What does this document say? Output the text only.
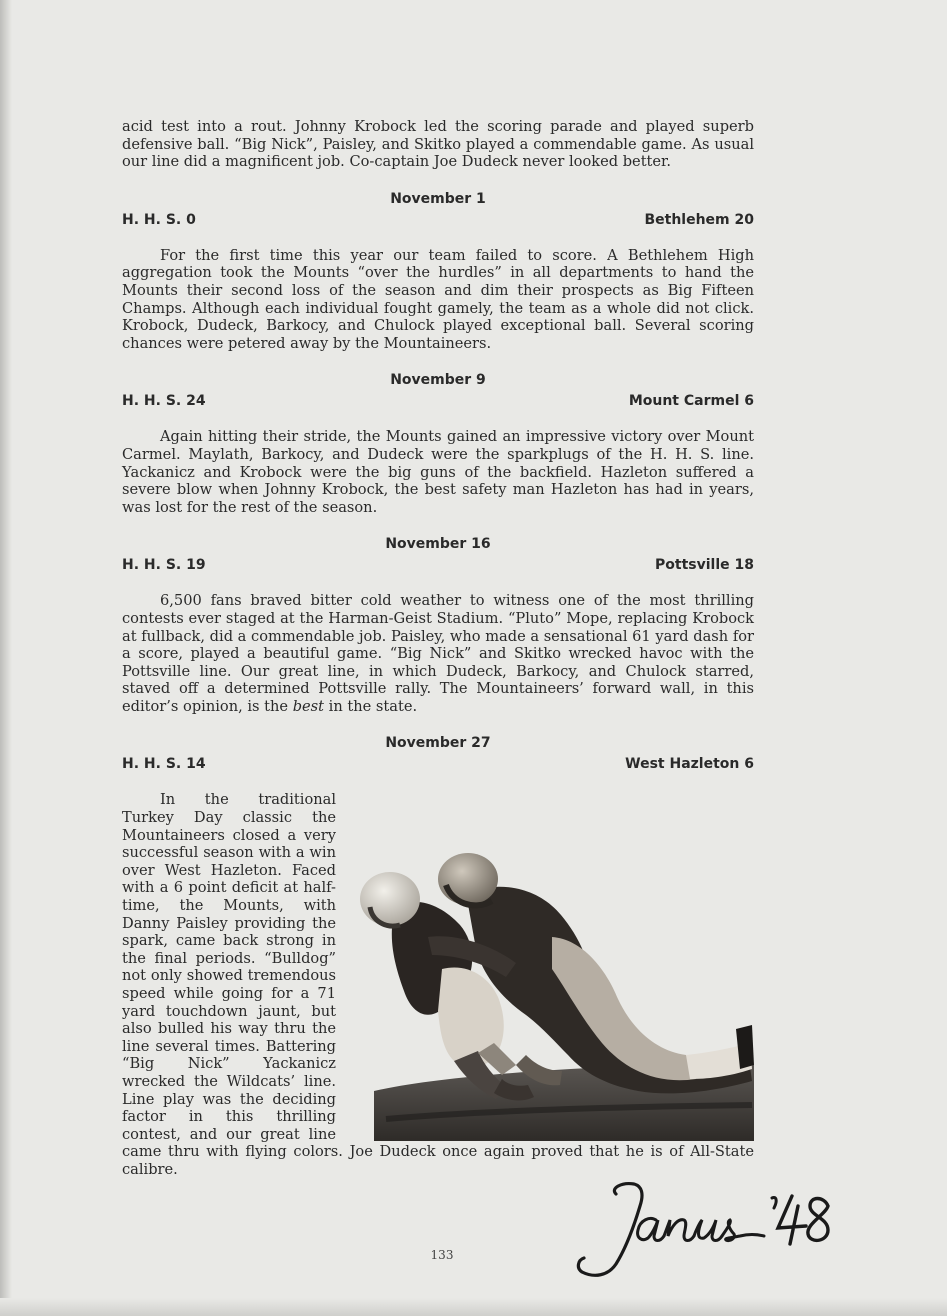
acid test into a rout. Johnny Krobock led the scoring parade and played superb defensive ball. “Big Nick”, Paisley, and Skitko played a commendable game. As usual our line did a magnificent job. Co-captain Joe Dudeck never looked better.

November 1
H. H. S. 0	Bethlehem 20

For the first time this year our team failed to score. A Bethlehem High aggregation took the Mounts “over the hurdles” in all departments to hand the Mounts their second loss of the season and dim their prospects as Big Fifteen Champs. Although each individual fought gamely, the team as a whole did not click. Krobock, Dudeck, Barkocy, and Chulock played exceptional ball. Several scoring chances were petered away by the Mountaineers.

November 9
H. H. S. 24	Mount Carmel 6

Again hitting their stride, the Mounts gained an impressive victory over Mount Carmel. Maylath, Barkocy, and Dudeck were the sparkplugs of the H. H. S. line. Yackanicz and Krobock were the big guns of the backfield. Hazleton suffered a severe blow when Johnny Krobock, the best safety man Hazleton has had in years, was lost for the rest of the season.

November 16
H. H. S. 19	Pottsville 18

6,500 fans braved bitter cold weather to witness one of the most thrilling contests ever staged at the Harman-Geist Stadium. “Pluto” Mope, replacing Krobock at fullback, did a commendable job. Paisley, who made a sensational 61 yard dash for a score, played a beautiful game. “Big Nick” and Skitko wrecked havoc with the Pottsville line. Our great line, in which Dudeck, Barkocy, and Chulock starred, staved off a determined Pottsville rally. The Mountaineers’ forward wall, in this editor’s opinion, is the best in the state.

November 27
H. H. S. 14	West Hazleton 6

In the traditional Turkey Day classic the Mountaineers closed a very successful season with a win over West Hazleton. Faced with a 6 point deficit at half-time, the Mounts, with Danny Paisley providing the spark, came back strong in the final periods. “Bulldog” not only showed tremendous speed while going for a 71 yard touchdown jaunt, but also bulled his way thru the line several times. Battering “Big Nick” Yackanicz wrecked the Wildcats’ line. Line play was the deciding factor in this thrilling contest, and our great line came thru with flying colors. Joe Dudeck once again proved that he is of All-State calibre.

133
